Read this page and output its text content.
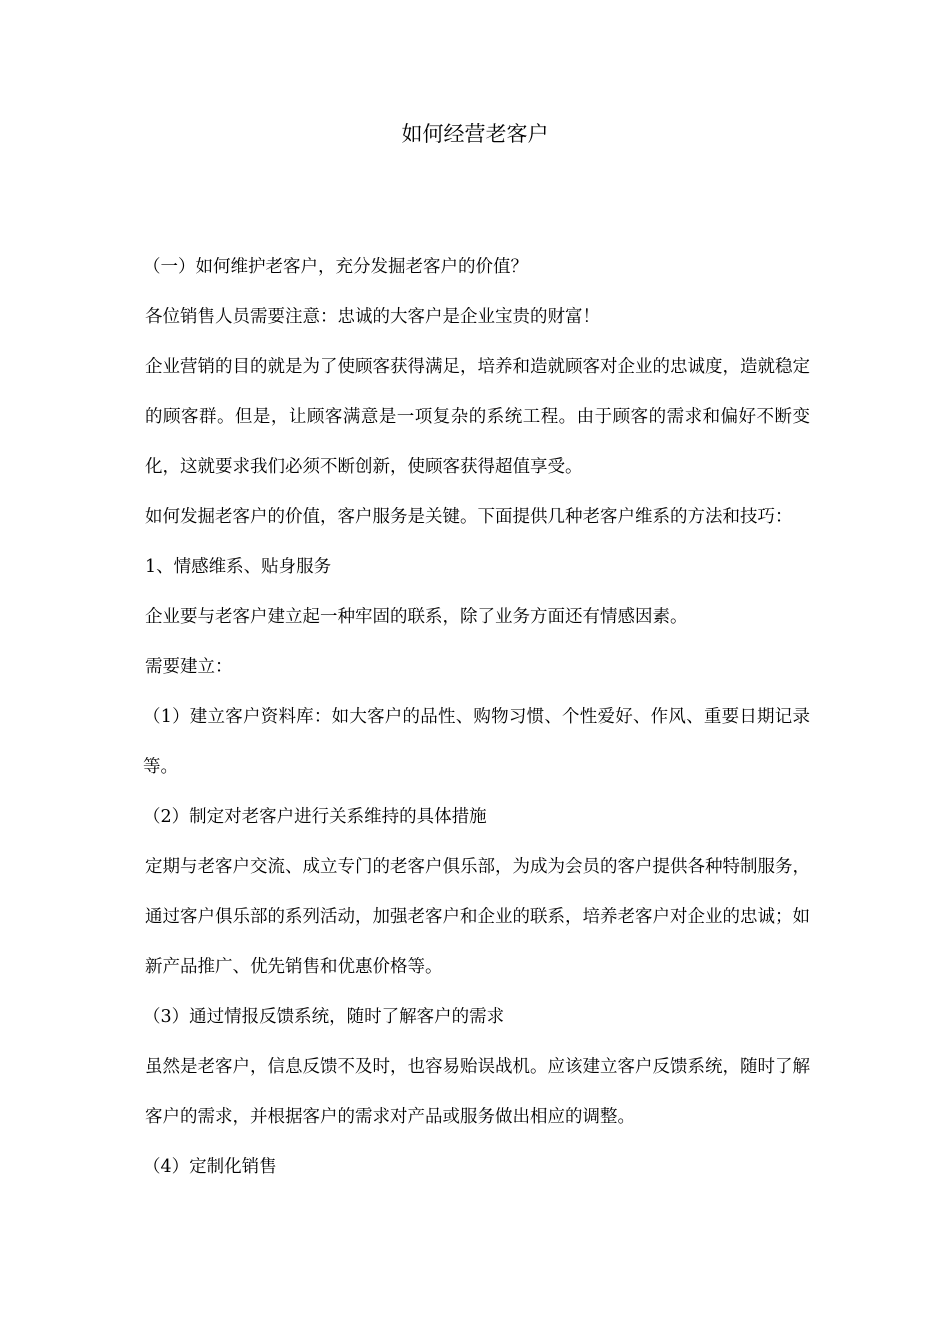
如何经营老客户

（一）如何维护老客户，充分发掘老客户的价值？

各位销售人员需要注意：忠诚的大客户是企业宝贵的财富！

企业营销的目的就是为了使顾客获得满足，培养和造就顾客对企业的忠诚度，造就稳定的顾客群。但是，让顾客满意是一项复杂的系统工程。由于顾客的需求和偏好不断变化，这就要求我们必须不断创新，使顾客获得超值享受。

如何发掘老客户的价值，客户服务是关键。下面提供几种老客户维系的方法和技巧：

1、情感维系、贴身服务

企业要与老客户建立起一种牢固的联系，除了业务方面还有情感因素。

需要建立：

（1）建立客户资料库：如大客户的品性、购物习惯、个性爱好、作风、重要日期记录等。

（2）制定对老客户进行关系维持的具体措施

定期与老客户交流、成立专门的老客户俱乐部，为成为会员的客户提供各种特制服务，通过客户俱乐部的系列活动，加强老客户和企业的联系，培养老客户对企业的忠诚；如新产品推广、优先销售和优惠价格等。

（3）通过情报反馈系统，随时了解客户的需求

虽然是老客户，信息反馈不及时，也容易贻误战机。应该建立客户反馈系统，随时了解客户的需求，并根据客户的需求对产品或服务做出相应的调整。

（4）定制化销售
